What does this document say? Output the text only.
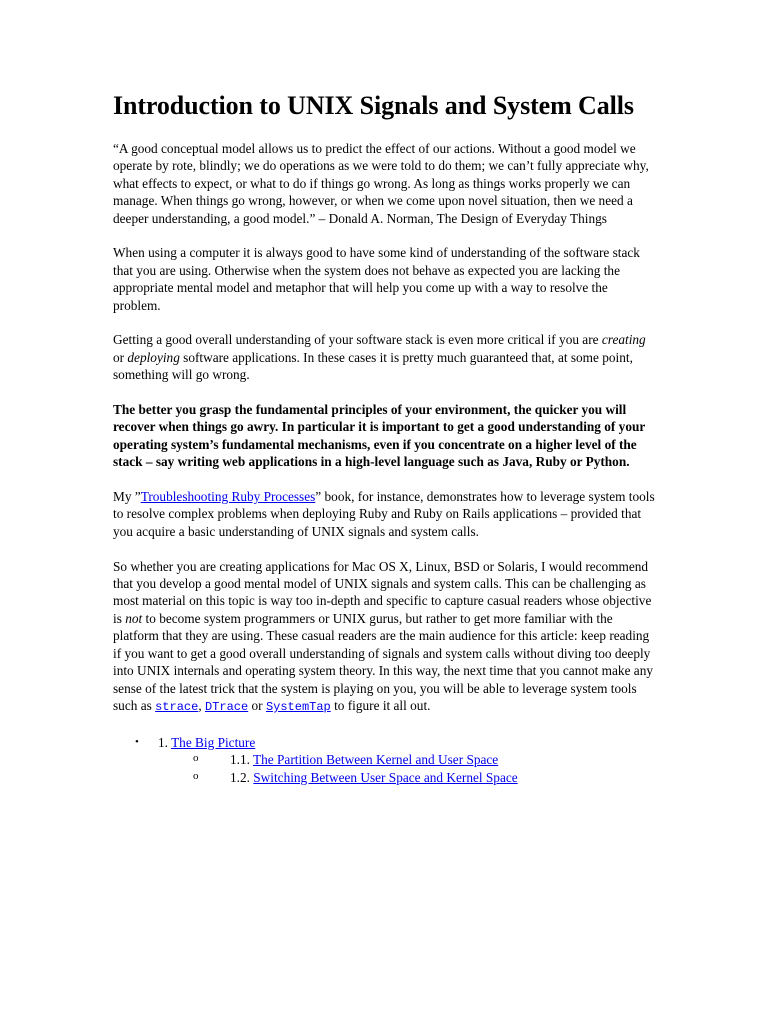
Introduction to UNIX Signals and System Calls

“A good conceptual model allows us to predict the effect of our actions. Without a good model we operate by rote, blindly; we do operations as we were told to do them; we can’t fully appreciate why, what effects to expect, or what to do if things go wrong. As long as things works properly we can manage. When things go wrong, however, or when we come upon novel situation, then we need a deeper understanding, a good model.” – Donald A. Norman, The Design of Everyday Things

When using a computer it is always good to have some kind of understanding of the software stack that you are using. Otherwise when the system does not behave as expected you are lacking the appropriate mental model and metaphor that will help you come up with a way to resolve the problem.

Getting a good overall understanding of your software stack is even more critical if you are creating or deploying software applications. In these cases it is pretty much guaranteed that, at some point, something will go wrong.

The better you grasp the fundamental principles of your environment, the quicker you will recover when things go awry. In particular it is important to get a good understanding of your operating system’s fundamental mechanisms, even if you concentrate on a higher level of the stack – say writing web applications in a high-level language such as Java, Ruby or Python.

My ”Troubleshooting Ruby Processes” book, for instance, demonstrates how to leverage system tools to resolve complex problems when deploying Ruby and Ruby on Rails applications – provided that you acquire a basic understanding of UNIX signals and system calls.

So whether you are creating applications for Mac OS X, Linux, BSD or Solaris, I would recommend that you develop a good mental model of UNIX signals and system calls. This can be challenging as most material on this topic is way too in-depth and specific to capture casual readers whose objective is not to become system programmers or UNIX gurus, but rather to get more familiar with the platform that they are using. These casual readers are the main audience for this article: keep reading if you want to get a good overall understanding of signals and system calls without diving too deeply into UNIX internals and operating system theory. In this way, the next time that you cannot make any sense of the latest trick that the system is playing on you, you will be able to leverage system tools such as strace, DTrace or SystemTap to figure it all out.

• 1. The Big Picture
o 1.1. The Partition Between Kernel and User Space
o 1.2. Switching Between User Space and Kernel Space
